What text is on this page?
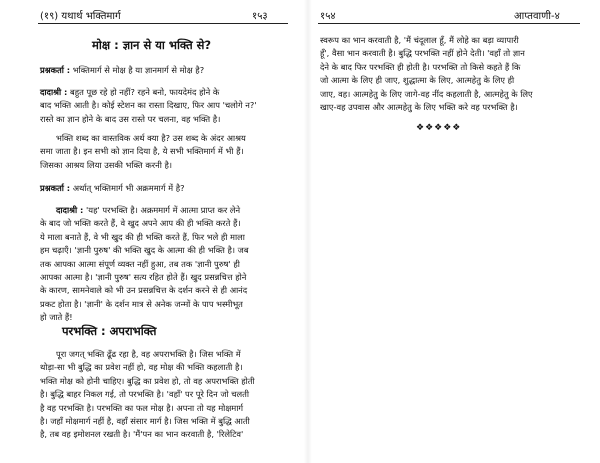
(१९) यथार्थ भक्तिमार्ग	१५३
मोक्ष : ज्ञान से या भक्ति से?
प्रश्नकर्ता : भक्तिमार्ग से मोक्ष है या ज्ञानमार्ग से मोक्ष है?
दादाश्री : बहुत पूछ रहे हो नहीं? रहने बनो, फायदेमंद होने के
बाद भक्ति आती है। कोई स्टेशन का रास्ता दिखाए, फिर आप 'चलोगे न?'
रास्ते का ज्ञान होने के बाद उस रास्ते पर चलना, वह भक्ति है।
भक्ति शब्द का वास्तविक अर्थ क्या है? उस शब्द के अंदर आश्रय
समा जाता है। इन सभी को ज्ञान दिया है, ये सभी भक्तिमार्ग में भी हैं।
जिसका आश्रय लिया उसकी भक्ति करनी है।
प्रश्नकर्ता : अर्थात् भक्तिमार्ग भी अक्रममार्ग में है?
दादाश्री : 'यह' परभक्ति है। अक्रममार्ग में आत्मा प्राप्त कर लेने
के बाद जो भक्ति करते हैं, वे खुद अपने आप की ही भक्ति करते हैं।
ये माला बनाते हैं, वे भी खुद की ही भक्ति करते हैं, फिर भले ही माला
हम चढ़ाएँ। 'ज्ञानी पुरुष' की भक्ति खुद के आत्मा की ही भक्ति है। जब
तक आपका आत्मा संपूर्ण व्यक्त नहीं हुआ, तब तक 'ज्ञानी पुरुष' ही
आपका आत्मा है। 'ज्ञानी पुरुष' सत्य रहित होते हैं। खुद प्रसन्नचित्त होने
के कारण, सामनेवाले को भी उन प्रसन्नचित्त के दर्शन करने से ही आनंद
प्रकट होता है। 'ज्ञानी' के दर्शन मात्र से अनेक जन्मों के पाप भस्मीभूत
हो जाते हैं!
परभक्ति : अपराभक्ति
पूरा जगत् भक्ति ढूँढ रहा है, वह अपराभक्ति है। जिस भक्ति में
थोड़ा-सा भी बुद्धि का प्रवेश नहीं हो, वह मोक्ष की भक्ति कहलाती है।
भक्ति मोक्ष को होनी चाहिए। बुद्धि का प्रवेश हो, तो वह अपराभक्ति होती
है। बुद्धि बाहर निकल गई, तो परभक्ति है। 'वहाँ' पर पूरे दिन जो चलती
है वह परभक्ति है। परभक्ति का फल मोक्ष है। अपना तो यह मोक्षमार्ग
है। जहाँ मोक्षमार्ग नहीं है, वहाँ संसार मार्ग है। जिस भक्ति में बुद्धि आती
है, तब वह इमोशनल रखती है। 'मैं'पन का भान करवाती है, 'रिलेटिव'
१५४	आप्तवाणी-४
स्वरूप का भान करवाती है, 'मैं चंदूलाल हूँ, मैं लोहे का बड़ा व्यापारी
हूँ', वैसा भान करवाती है। बुद्धि परभक्ति नहीं होने देती। 'वहाँ तो ज्ञान
देने के बाद फिर परभक्ति ही होती है। परभक्ति तो किसे कहते हैं कि
जो आत्मा के लिए ही जाए, शुद्धात्मा के लिए, आत्महेतु के लिए ही
जाए, वह। आत्महेतु के लिए जागे-वह नींद कहलाती है, आत्महेतु के लिए
खाए-वह उपवास और आत्महेतु के लिए भक्ति करे वह परभक्ति है।
❖❖❖❖❖
